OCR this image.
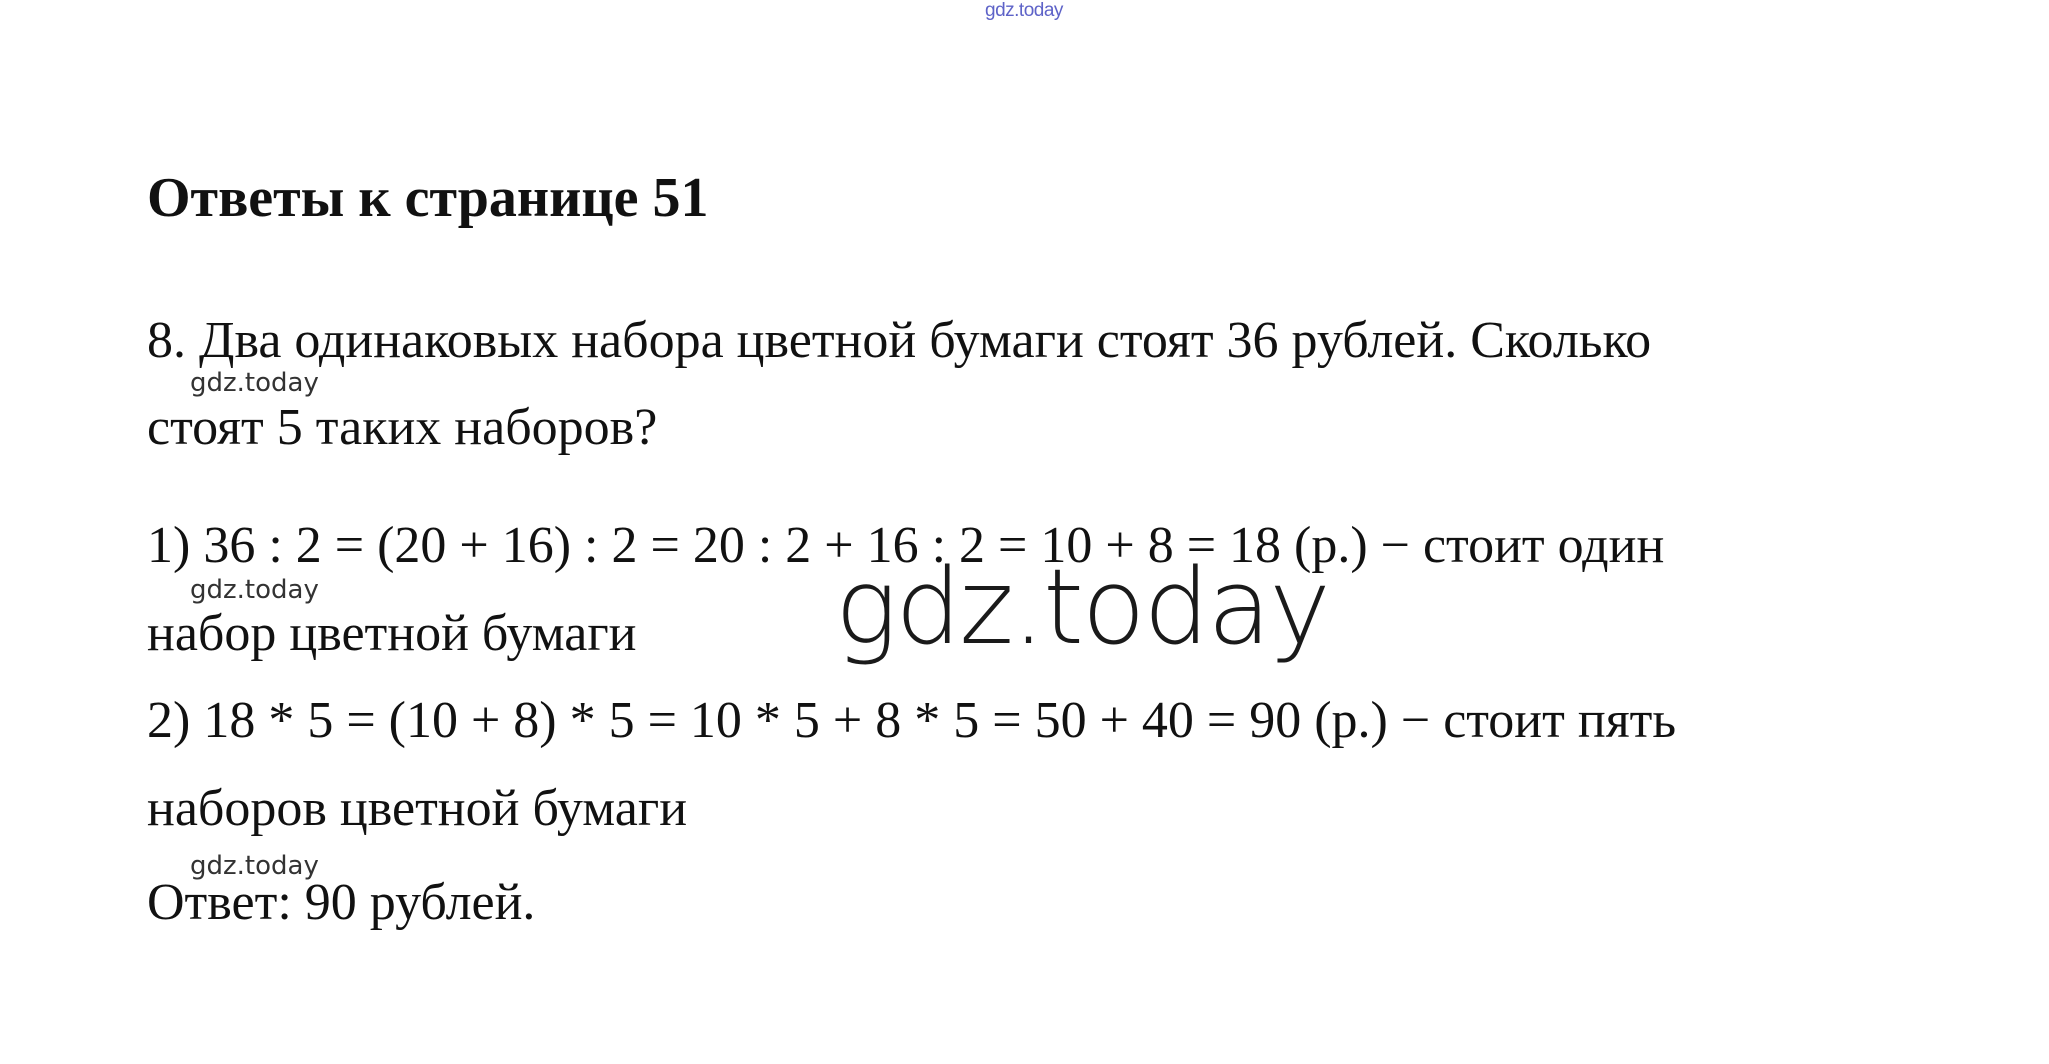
gdz.today
Ответы к странице 51
8. Два одинаковых набора цветной бумаги стоят 36 рублей. Сколько
gdz.today
стоят 5 таких наборов?
1) 36 : 2 = (20 + 16) : 2 = 20 : 2 + 16 : 2 = 10 + 8 = 18 (р.) − стоит один
gdz.today
набор цветной бумаги gdz.today
2) 18 * 5 = (10 + 8) * 5 = 10 * 5 + 8 * 5 = 50 + 40 = 90 (р.) − стоит пять
наборов цветной бумаги
gdz.today
Ответ: 90 рублей.
